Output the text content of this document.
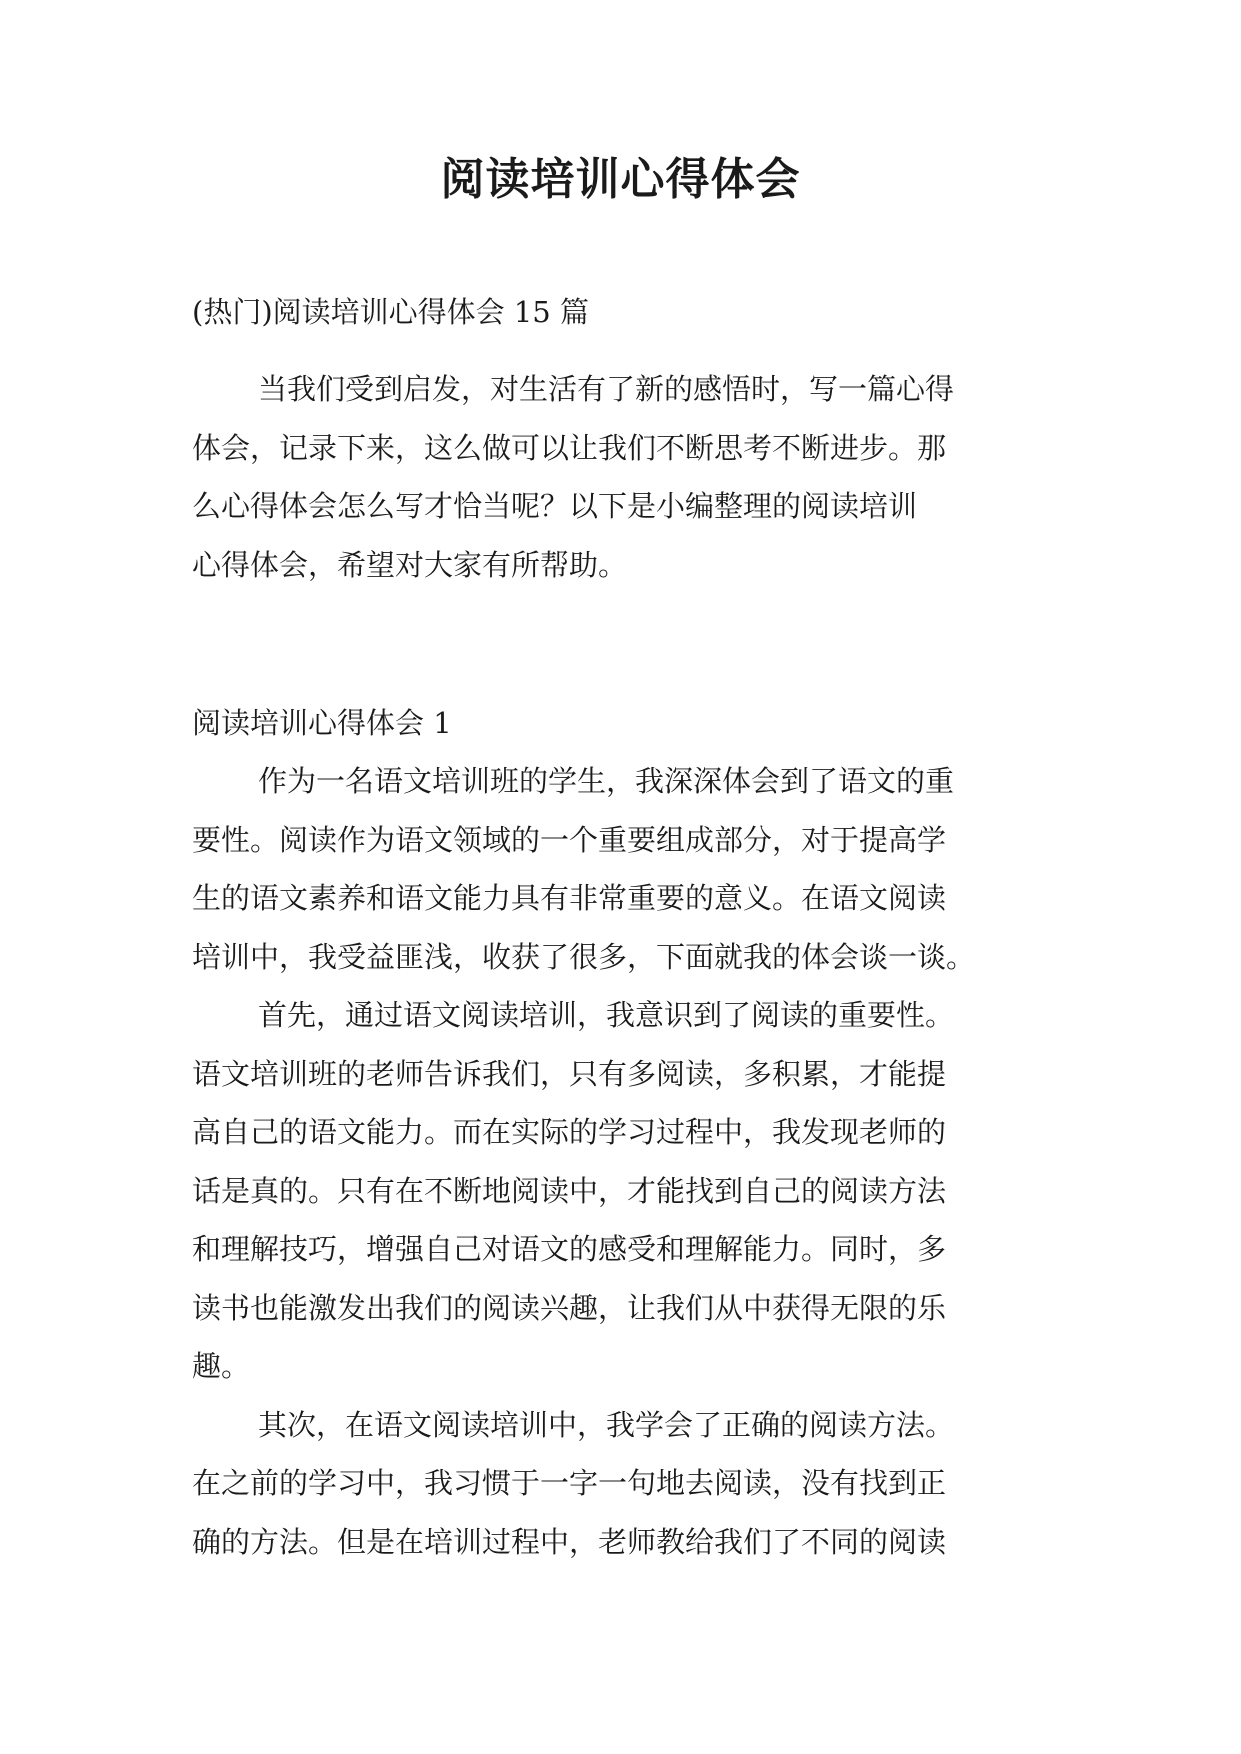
阅读培训心得体会
(热门)阅读培训心得体会 15 篇
当我们受到启发，对生活有了新的感悟时，写一篇心得
体会，记录下来，这么做可以让我们不断思考不断进步。那
么心得体会怎么写才恰当呢？以下是小编整理的阅读培训
心得体会，希望对大家有所帮助。
阅读培训心得体会 1
作为一名语文培训班的学生，我深深体会到了语文的重
要性。阅读作为语文领域的一个重要组成部分，对于提高学
生的语文素养和语文能力具有非常重要的意义。在语文阅读
培训中，我受益匪浅，收获了很多，下面就我的体会谈一谈。
首先，通过语文阅读培训，我意识到了阅读的重要性。
语文培训班的老师告诉我们，只有多阅读，多积累，才能提
高自己的语文能力。而在实际的学习过程中，我发现老师的
话是真的。只有在不断地阅读中，才能找到自己的阅读方法
和理解技巧，增强自己对语文的感受和理解能力。同时，多
读书也能激发出我们的阅读兴趣，让我们从中获得无限的乐
趣。
其次，在语文阅读培训中，我学会了正确的阅读方法。
在之前的学习中，我习惯于一字一句地去阅读，没有找到正
确的方法。但是在培训过程中，老师教给我们了不同的阅读
